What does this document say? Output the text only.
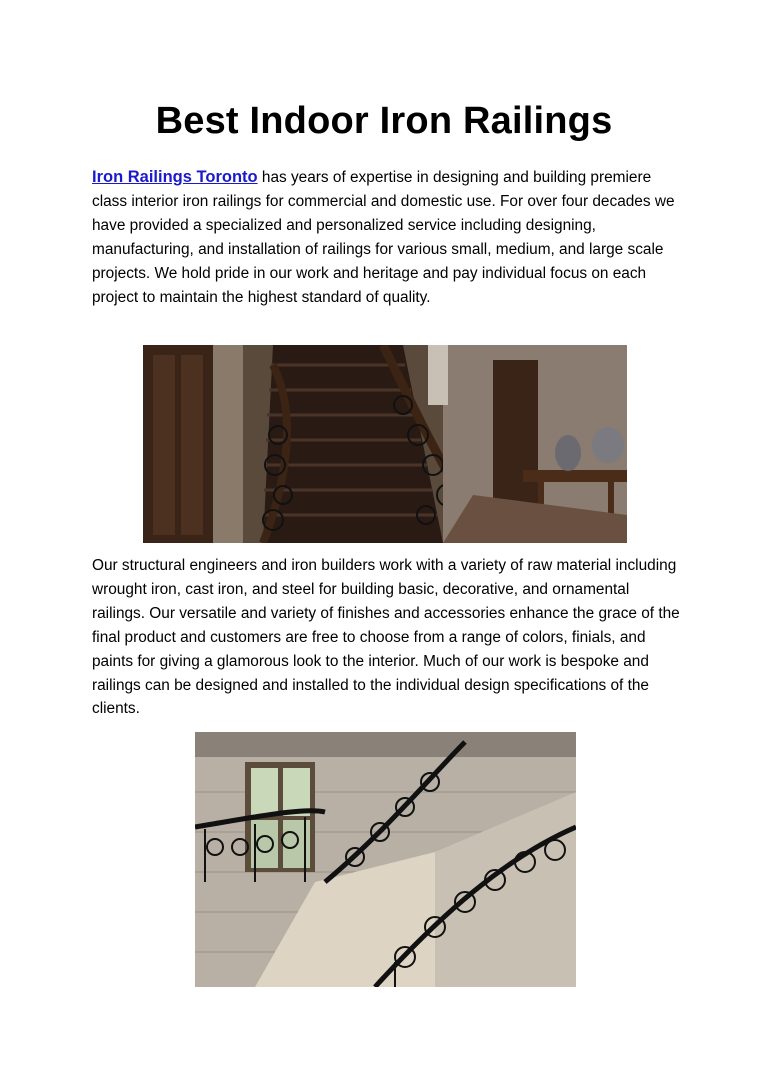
Best Indoor Iron Railings

Iron Railings Toronto has years of expertise in designing and building premiere class interior iron railings for commercial and domestic use. For over four decades we have provided a specialized and personalized service including designing, manufacturing, and installation of railings for various small, medium, and large scale projects. We hold pride in our work and heritage and pay individual focus on each project to maintain the highest standard of quality.

Our structural engineers and iron builders work with a variety of raw material including wrought iron, cast iron, and steel for building basic, decorative, and ornamental railings. Our versatile and variety of finishes and accessories enhance the grace of the final product and customers are free to choose from a range of colors, finials, and paints for giving a glamorous look to the interior. Much of our work is bespoke and railings can be designed and installed to the individual design specifications of the clients.
